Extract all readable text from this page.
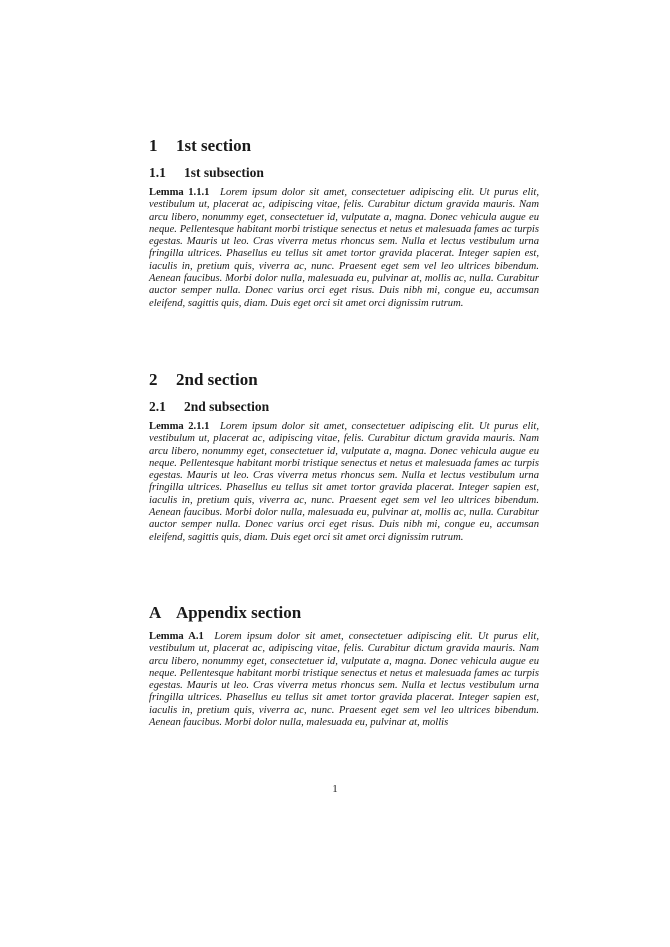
1 1st section
1.1 1st subsection

Lemma 1.1.1  Lorem ipsum dolor sit amet, consectetuer adipiscing elit. Ut purus elit, vestibulum ut, placerat ac, adipiscing vitae, felis. Curabitur dictum gravida mauris. Nam arcu libero, nonummy eget, consectetuer id, vulputate a, magna. Donec vehicula augue eu neque. Pellentesque habitant morbi tristique senectus et netus et malesuada fames ac turpis egestas. Mauris ut leo. Cras viverra metus rhoncus sem. Nulla et lectus vestibulum urna fringilla ultrices. Phasellus eu tellus sit amet tortor gravida placerat. Integer sapien est, iaculis in, pretium quis, viverra ac, nunc. Praesent eget sem vel leo ultrices bibendum. Aenean faucibus. Morbi dolor nulla, malesuada eu, pulvinar at, mollis ac, nulla. Curabitur auctor semper nulla. Donec varius orci eget risus. Duis nibh mi, congue eu, accumsan eleifend, sagittis quis, diam. Duis eget orci sit amet orci dignissim rutrum.

2 2nd section
2.1 2nd subsection

Lemma 2.1.1  Lorem ipsum dolor sit amet, consectetuer adipiscing elit. Ut purus elit, vestibulum ut, placerat ac, adipiscing vitae, felis. Curabitur dictum gravida mauris. Nam arcu libero, nonummy eget, consectetuer id, vulputate a, magna. Donec vehicula augue eu neque. Pellentesque habitant morbi tristique senectus et netus et malesuada fames ac turpis egestas. Mauris ut leo. Cras viverra metus rhoncus sem. Nulla et lectus vestibulum urna fringilla ultrices. Phasellus eu tellus sit amet tortor gravida placerat. Integer sapien est, iaculis in, pretium quis, viverra ac, nunc. Praesent eget sem vel leo ultrices bibendum. Aenean faucibus. Morbi dolor nulla, malesuada eu, pulvinar at, mollis ac, nulla. Curabitur auctor semper nulla. Donec varius orci eget risus. Duis nibh mi, congue eu, accumsan eleifend, sagittis quis, diam. Duis eget orci sit amet orci dignissim rutrum.

A Appendix section

Lemma A.1  Lorem ipsum dolor sit amet, consectetuer adipiscing elit. Ut purus elit, vestibulum ut, placerat ac, adipiscing vitae, felis. Curabitur dictum gravida mauris. Nam arcu libero, nonummy eget, consectetuer id, vulputate a, magna. Donec vehicula augue eu neque. Pellentesque habitant morbi tristique senectus et netus et malesuada fames ac turpis egestas. Mauris ut leo. Cras viverra metus rhoncus sem. Nulla et lectus vestibulum urna fringilla ultrices. Phasellus eu tellus sit amet tortor gravida placerat. Integer sapien est, iaculis in, pretium quis, viverra ac, nunc. Praesent eget sem vel leo ultrices bibendum. Aenean faucibus. Morbi dolor nulla, malesuada eu, pulvinar at, mollis

1
